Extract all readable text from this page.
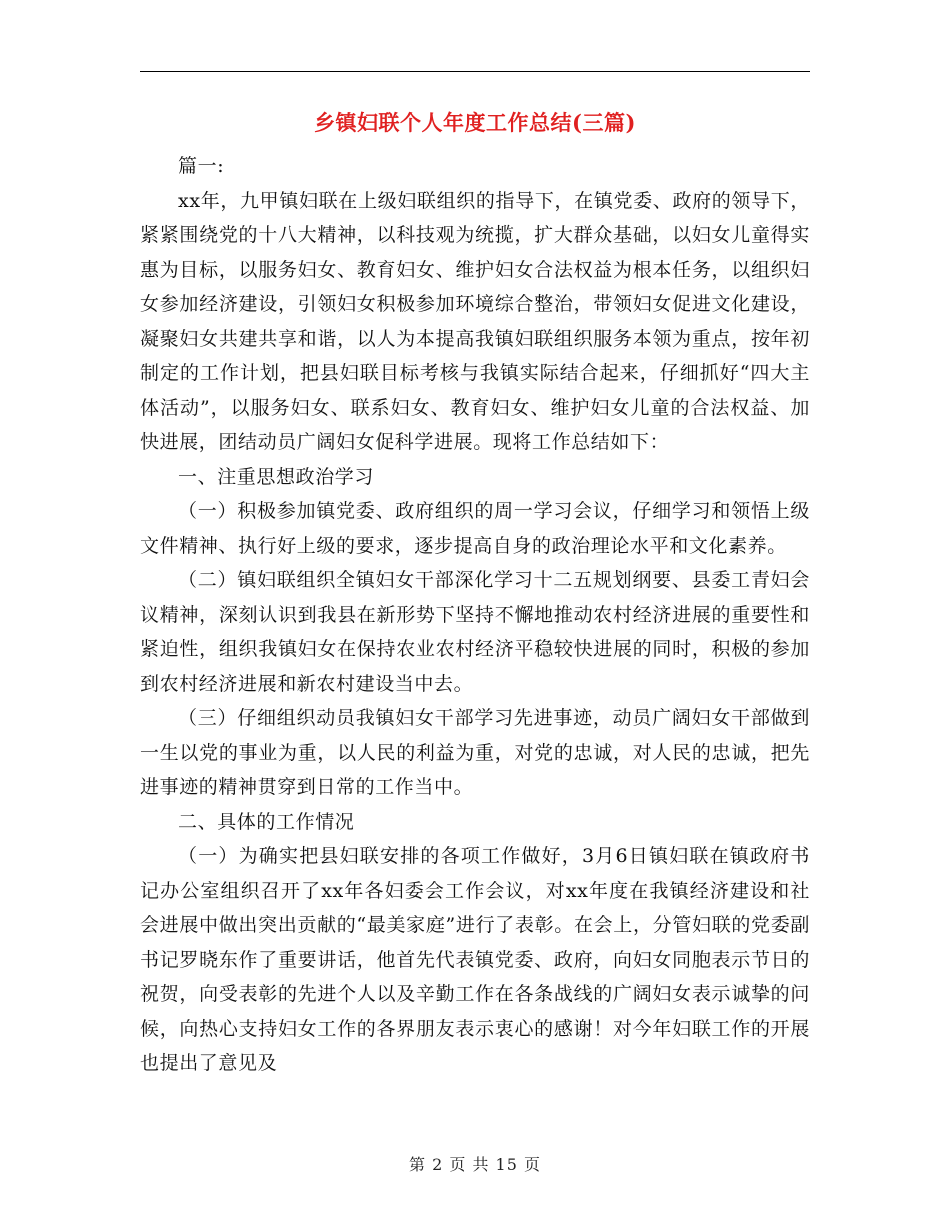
乡镇妇联个人年度工作总结(三篇)

篇一:

xx年，九甲镇妇联在上级妇联组织的指导下，在镇党委、政府的领导下，紧紧围绕党的十八大精神，以科技观为统揽，扩大群众基础，以妇女儿童得实惠为目标，以服务妇女、教育妇女、维护妇女合法权益为根本任务，以组织妇女参加经济建设，引领妇女积极参加环境综合整治，带领妇女促进文化建设，凝聚妇女共建共享和谐，以人为本提高我镇妇联组织服务本领为重点，按年初制定的工作计划，把县妇联目标考核与我镇实际结合起来，仔细抓好“四大主体活动”，以服务妇女、联系妇女、教育妇女、维护妇女儿童的合法权益、加快进展，团结动员广阔妇女促科学进展。现将工作总结如下：

一、注重思想政治学习

（一）积极参加镇党委、政府组织的周一学习会议，仔细学习和领悟上级文件精神、执行好上级的要求，逐步提高自身的政治理论水平和文化素养。

（二）镇妇联组织全镇妇女干部深化学习十二五规划纲要、县委工青妇会议精神，深刻认识到我县在新形势下坚持不懈地推动农村经济进展的重要性和紧迫性，组织我镇妇女在保持农业农村经济平稳较快进展的同时，积极的参加到农村经济进展和新农村建设当中去。

（三）仔细组织动员我镇妇女干部学习先进事迹，动员广阔妇女干部做到一生以党的事业为重，以人民的利益为重，对党的忠诚，对人民的忠诚，把先进事迹的精神贯穿到日常的工作当中。

二、具体的工作情况

（一）为确实把县妇联安排的各项工作做好，3月6日镇妇联在镇政府书记办公室组织召开了xx年各妇委会工作会议，对xx年度在我镇经济建设和社会进展中做出突出贡献的“最美家庭”进行了表彰。在会上，分管妇联的党委副书记罗晓东作了重要讲话，他首先代表镇党委、政府，向妇女同胞表示节日的祝贺，向受表彰的先进个人以及辛勤工作在各条战线的广阔妇女表示诚挚的问候，向热心支持妇女工作的各界朋友表示衷心的感谢！对今年妇联工作的开展也提出了意见及

第 2 页 共 15 页
